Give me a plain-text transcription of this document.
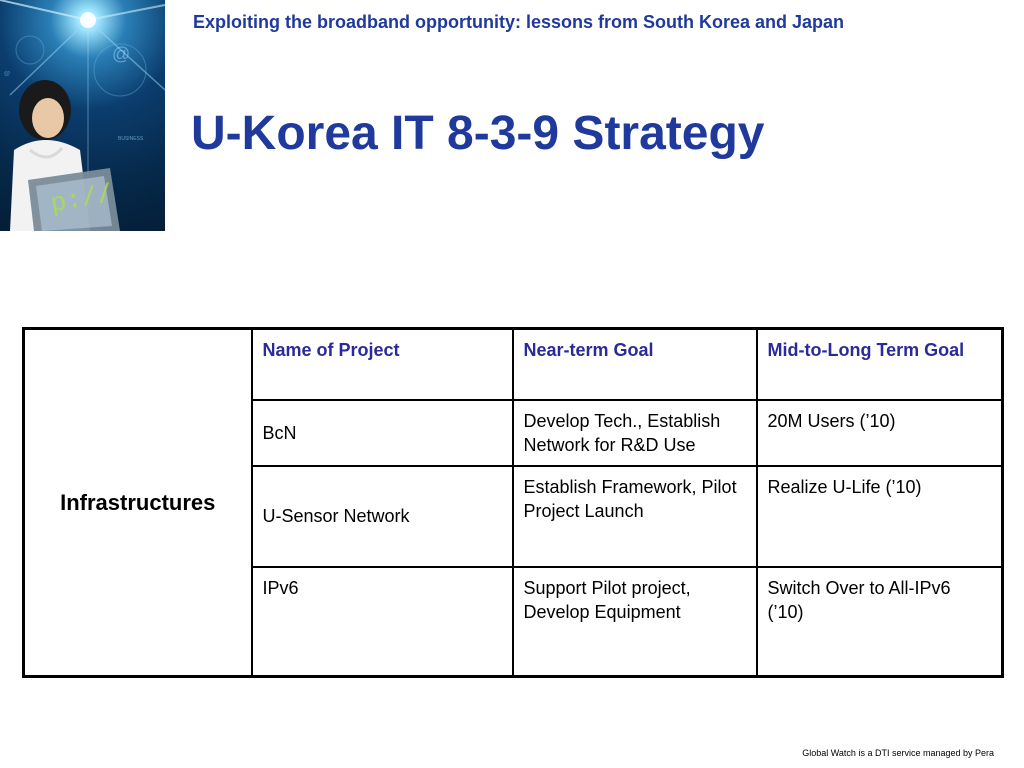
p://
BUSINESS
@
@
Exploiting the broadband opportunity: lessons from South Korea and Japan
U-Korea IT 8-3-9 Strategy
Infrastructures	Name of Project	Near-term Goal	Mid-to-Long Term Goal
	BcN	Develop Tech., Establish Network for R&D Use	20M Users (’10)
	U-Sensor Network	Establish Framework, Pilot Project Launch	Realize U-Life (’10)
	IPv6	Support Pilot project, Develop Equipment	Switch Over to All-IPv6 (’10)
Global Watch is a DTI service managed by Pera
